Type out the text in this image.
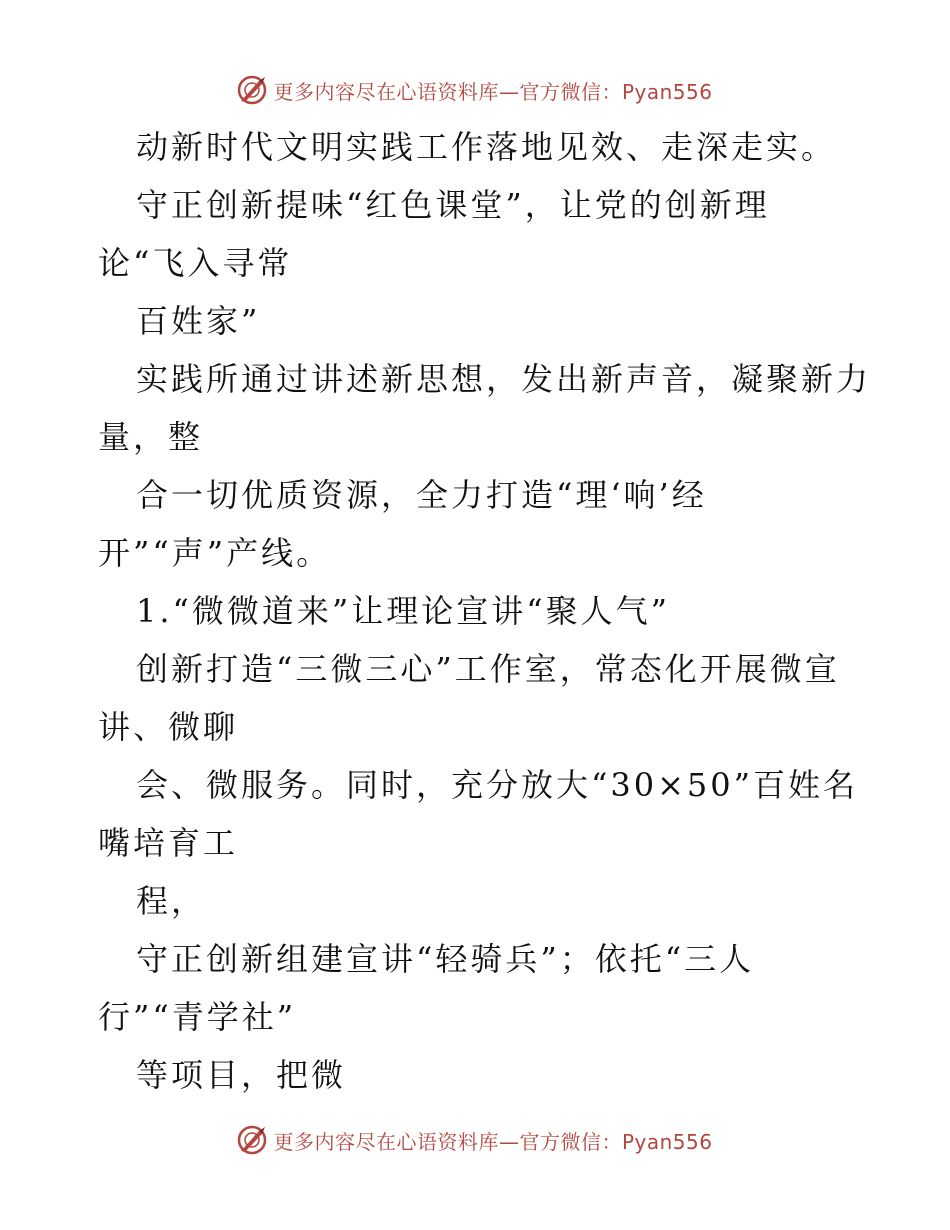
更多内容尽在心语资料库—官方微信：Pyan556
动新时代文明实践工作落地见效、走深走实。
守正创新提味“红色课堂”，让党的创新理
论“飞入寻常
百姓家”
实践所通过讲述新思想，发出新声音，凝聚新力
量，整
合一切优质资源，全力打造“理‘响’经
开”“声”产线。
1.“微微道来”让理论宣讲“聚人气”
创新打造“三微三心”工作室，常态化开展微宣
讲、微聊
会、微服务。同时，充分放大“30×50”百姓名
嘴培育工
程，
守正创新组建宣讲“轻骑兵”；依托“三人
行”“青学社”
等项目，把微
更多内容尽在心语资料库—官方微信：Pyan556
